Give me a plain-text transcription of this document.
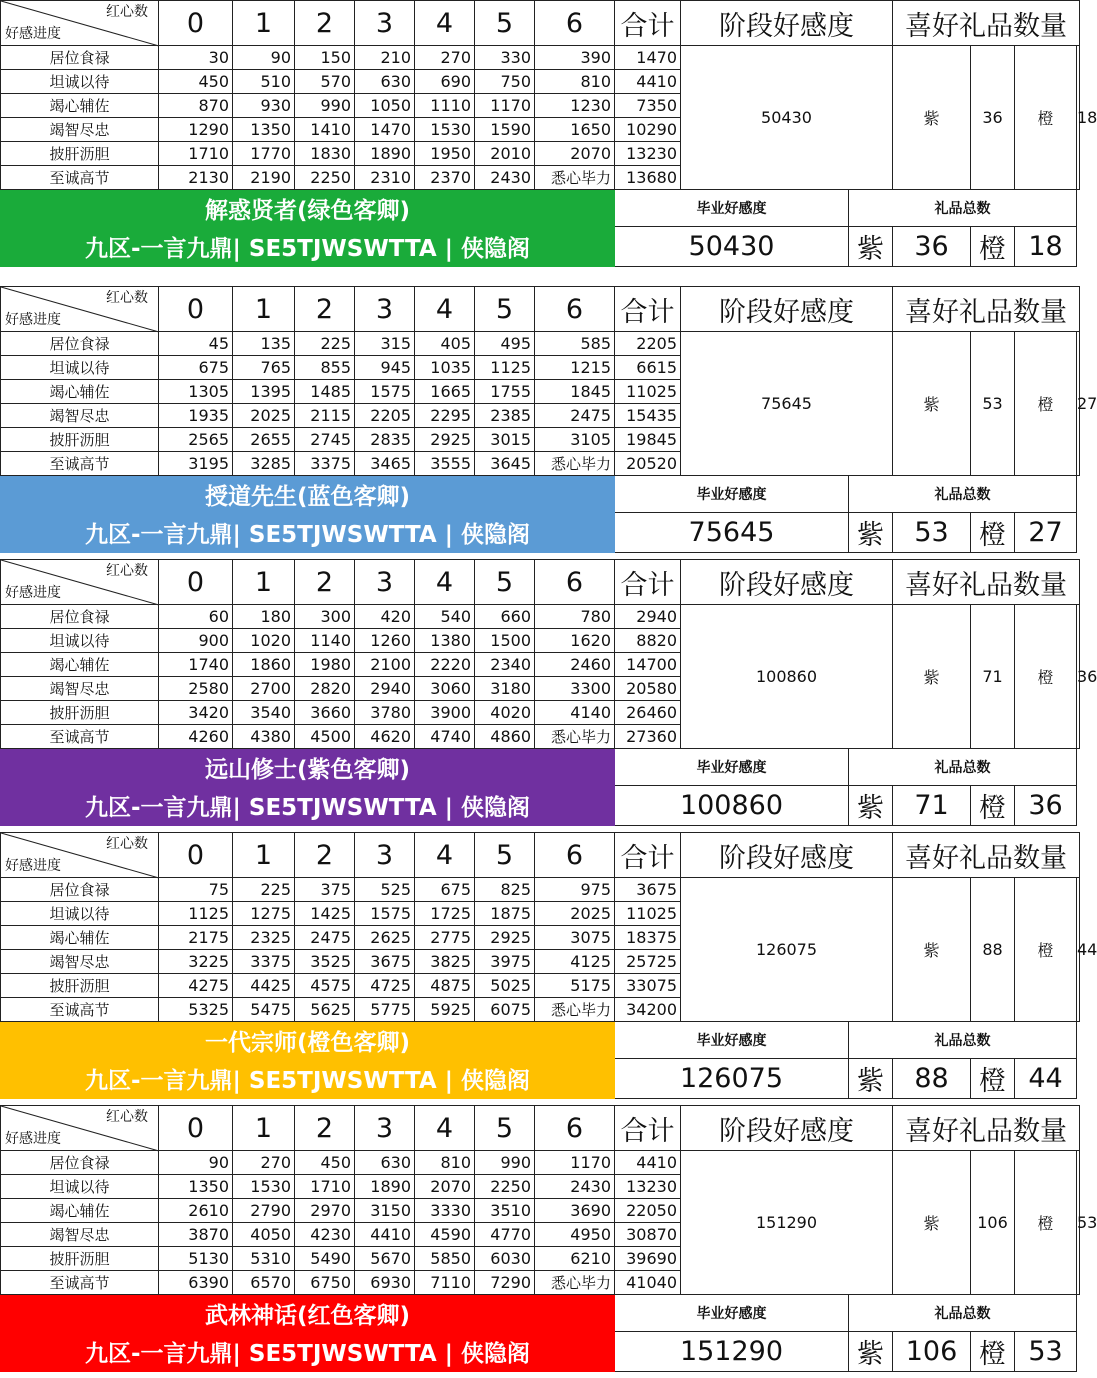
红心数
好感进度	0	1	2	3	4	5	6	合计	阶段好感度		喜好礼品数量			
居位食禄	30	90	150	210	270	330	390	1470	50430		紫	36	橙	18
坦诚以待	450	510	570	630	690	750	810	4410						
竭心辅佐	870	930	990	1050	1110	1170	1230	7350						
竭智尽忠	1290	1350	1410	1470	1530	1590	1650	10290						
披肝沥胆	1710	1770	1830	1890	1950	2010	2070	13230						
至诚高节	2130	2190	2250	2310	2370	2430	悉心毕力	13680						
解惑贤者(绿色客卿)								毕业好感度		礼品总数				
九区-一言九鼎| SE5TJWSWTTA | 侠隐阁								50430		紫	36	橙	18	
红心数
好感进度	0	1	2	3	4	5	6	合计	阶段好感度		喜好礼品数量			
居位食禄	45	135	225	315	405	495	585	2205	75645		紫	53	橙	27
坦诚以待	675	765	855	945	1035	1125	1215	6615						
竭心辅佐	1305	1395	1485	1575	1665	1755	1845	11025						
竭智尽忠	1935	2025	2115	2205	2295	2385	2475	15435						
披肝沥胆	2565	2655	2745	2835	2925	3015	3105	19845						
至诚高节	3195	3285	3375	3465	3555	3645	悉心毕力	20520						
授道先生(蓝色客卿)								毕业好感度		礼品总数				
九区-一言九鼎| SE5TJWSWTTA | 侠隐阁								75645		紫	53	橙	27	
红心数
好感进度	0	1	2	3	4	5	6	合计	阶段好感度		喜好礼品数量			
居位食禄	60	180	300	420	540	660	780	2940	100860		紫	71	橙	36
坦诚以待	900	1020	1140	1260	1380	1500	1620	8820						
竭心辅佐	1740	1860	1980	2100	2220	2340	2460	14700						
竭智尽忠	2580	2700	2820	2940	3060	3180	3300	20580						
披肝沥胆	3420	3540	3660	3780	3900	4020	4140	26460						
至诚高节	4260	4380	4500	4620	4740	4860	悉心毕力	27360						
远山修士(紫色客卿)								毕业好感度		礼品总数				
九区-一言九鼎| SE5TJWSWTTA | 侠隐阁								100860		紫	71	橙	36	
红心数
好感进度	0	1	2	3	4	5	6	合计	阶段好感度		喜好礼品数量			
居位食禄	75	225	375	525	675	825	975	3675	126075		紫	88	橙	44
坦诚以待	1125	1275	1425	1575	1725	1875	2025	11025						
竭心辅佐	2175	2325	2475	2625	2775	2925	3075	18375						
竭智尽忠	3225	3375	3525	3675	3825	3975	4125	25725						
披肝沥胆	4275	4425	4575	4725	4875	5025	5175	33075						
至诚高节	5325	5475	5625	5775	5925	6075	悉心毕力	34200						
一代宗师(橙色客卿)								毕业好感度		礼品总数				
九区-一言九鼎| SE5TJWSWTTA | 侠隐阁								126075		紫	88	橙	44	
红心数
好感进度	0	1	2	3	4	5	6	合计	阶段好感度		喜好礼品数量			
居位食禄	90	270	450	630	810	990	1170	4410	151290		紫	106	橙	53
坦诚以待	1350	1530	1710	1890	2070	2250	2430	13230						
竭心辅佐	2610	2790	2970	3150	3330	3510	3690	22050						
竭智尽忠	3870	4050	4230	4410	4590	4770	4950	30870						
披肝沥胆	5130	5310	5490	5670	5850	6030	6210	39690						
至诚高节	6390	6570	6750	6930	7110	7290	悉心毕力	41040						
武林神话(红色客卿)								毕业好感度		礼品总数				
九区-一言九鼎| SE5TJWSWTTA | 侠隐阁								151290		紫	106	橙	53	
